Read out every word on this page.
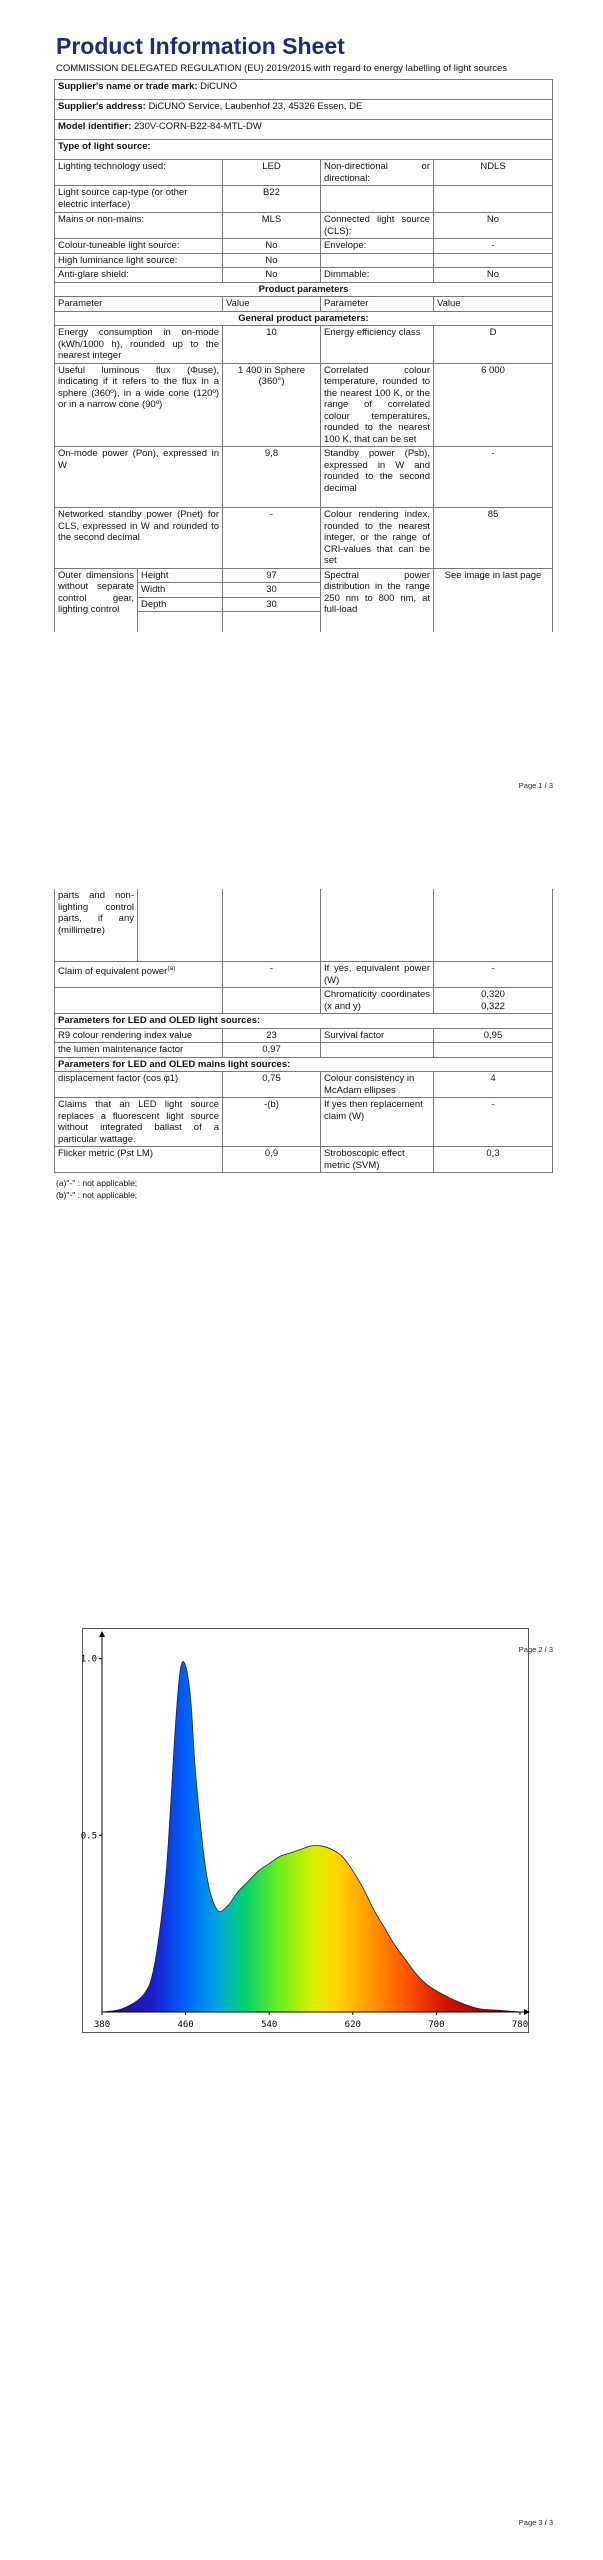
Product Information Sheet
COMMISSION DELEGATED REGULATION (EU) 2019/2015 with regard to energy labelling of light sources
Supplier's name or trade mark: DiCUNO			
Supplier's address: DiCUNO Service, Laubenhof 23, 45326 Essen, DE			
Model identifier: 230V-CORN-B22-84-MTL-DW			
Type of light source:			
Lighting technology used:	LED	Non-directional or directional:	NDLS
Light source cap-type (or other electric interface)	B22		
Mains or non-mains:	MLS	Connected light source (CLS):	No
Colour-tuneable light source:	No	Envelope:	-
High luminance light source:	No		
Anti-glare shield:	No	Dimmable:	No
Product parameters			
Parameter	Value	Parameter	Value
General product parameters:			
Energy consumption in on-mode (kWh/1000 h), rounded up to the nearest integer	10	Energy efficiency class	D
Useful luminous flux (Φuse), indicating if it refers to the flux in a sphere (360º), in a wide cone (120º) or in a narrow cone (90º)	1 400 in Sphere (360°)	Correlated colour temperature, rounded to the nearest 100 K, or the range of correlated colour temperatures, rounded to the nearest 100 K, that can be set	6 000
On-mode power (Pon), expressed in W	9,8	Standby power (Psb), expressed in W and rounded to the second decimal	-
Networked standby power (Pnet) for CLS, expressed in W and rounded to the second decimal	-	Colour rendering index, rounded to the nearest integer, or the range of CRI-values that can be set	85
Outer dimensions without separate control gear, lighting control	Height	97	Spectral power distribution in the range 250 nm to 800 nm, at full-load	See image in last page
	Width	30		
	Depth	30		

Page 1 / 3
parts and non-lighting control parts, if any (millimetre)				
Claim of equivalent power$^{(a)}$	-	If yes, equivalent power (W)	-
		Chromaticity coordinates (x and y)	0,320
0,322

Parameters for LED and OLED light sources:			
R9 colour rendering index value	23	Survival factor	0,95
the lumen maintenance factor	0,97		
Parameters for LED and OLED mains light sources:			
displacement factor (cos φ1)	0,75	Colour consistency in McAdam ellipses	4
Claims that an LED light source replaces a fluorescent light source without integrated ballast of a particular wattage.	-(b)	If yes then replacement claim (W)	-
Flicker metric (Pst LM)	0,9	Stroboscopic effect metric (SVM)	0,3
(a)"-" : not applicable;
(b)"-" : not applicable;
Page 2 / 3
380	460	540	620	700	780
0.5
1.0
Page 3 / 3
